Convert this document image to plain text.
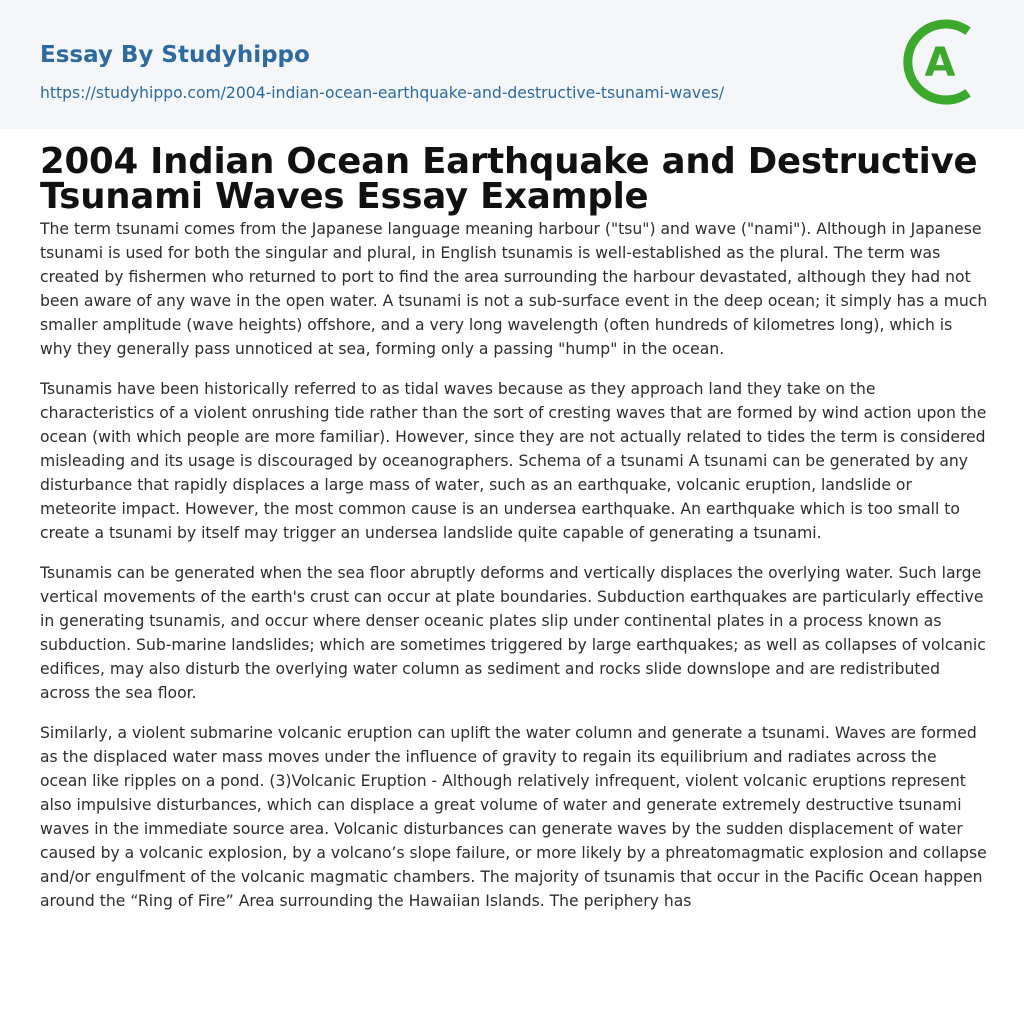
Essay By Studyhippo
https://studyhippo.com/2004-indian-ocean-earthquake-and-destructive-tsunami-waves/
A
2004 Indian Ocean Earthquake and Destructive Tsunami Waves Essay Example

The term tsunami comes from the Japanese language meaning harbour ("tsu") and wave ("nami"). Although in Japanese tsunami is used for both the singular and plural, in English tsunamis is well-established as the plural. The term was created by fishermen who returned to port to find the area surrounding the harbour devastated, although they had not been aware of any wave in the open water. A tsunami is not a sub-surface event in the deep ocean; it simply has a much smaller amplitude (wave heights) offshore, and a very long wavelength (often hundreds of kilometres long), which is why they generally pass unnoticed at sea, forming only a passing "hump" in the ocean.

Tsunamis have been historically referred to as tidal waves because as they approach land they take on the characteristics of a violent onrushing tide rather than the sort of cresting waves that are formed by wind action upon the ocean (with which people are more familiar). However, since they are not actually related to tides the term is considered misleading and its usage is discouraged by oceanographers. Schema of a tsunami A tsunami can be generated by any disturbance that rapidly displaces a large mass of water, such as an earthquake, volcanic eruption, landslide or meteorite impact. However, the most common cause is an undersea earthquake. An earthquake which is too small to create a tsunami by itself may trigger an undersea landslide quite capable of generating a tsunami.

Tsunamis can be generated when the sea floor abruptly deforms and vertically displaces the overlying water. Such large vertical movements of the earth's crust can occur at plate boundaries. Subduction earthquakes are particularly effective in generating tsunamis, and occur where denser oceanic plates slip under continental plates in a process known as subduction. Sub-marine landslides; which are sometimes triggered by large earthquakes; as well as collapses of volcanic edifices, may also disturb the overlying water column as sediment and rocks slide downslope and are redistributed across the sea floor.

Similarly, a violent submarine volcanic eruption can uplift the water column and generate a tsunami. Waves are formed as the displaced water mass moves under the influence of gravity to regain its equilibrium and radiates across the ocean like ripples on a pond. (3)Volcanic Eruption - Although relatively infrequent, violent volcanic eruptions represent also impulsive disturbances, which can displace a great volume of water and generate extremely destructive tsunami waves in the immediate source area. Volcanic disturbances can generate waves by the sudden displacement of water caused by a volcanic explosion, by a volcano’s slope failure, or more likely by a phreatomagmatic explosion and collapse and/or engulfment of the volcanic magmatic chambers. The majority of tsunamis that occur in the Pacific Ocean happen around the “Ring of Fire” Area surrounding the Hawaiian Islands. The periphery has
